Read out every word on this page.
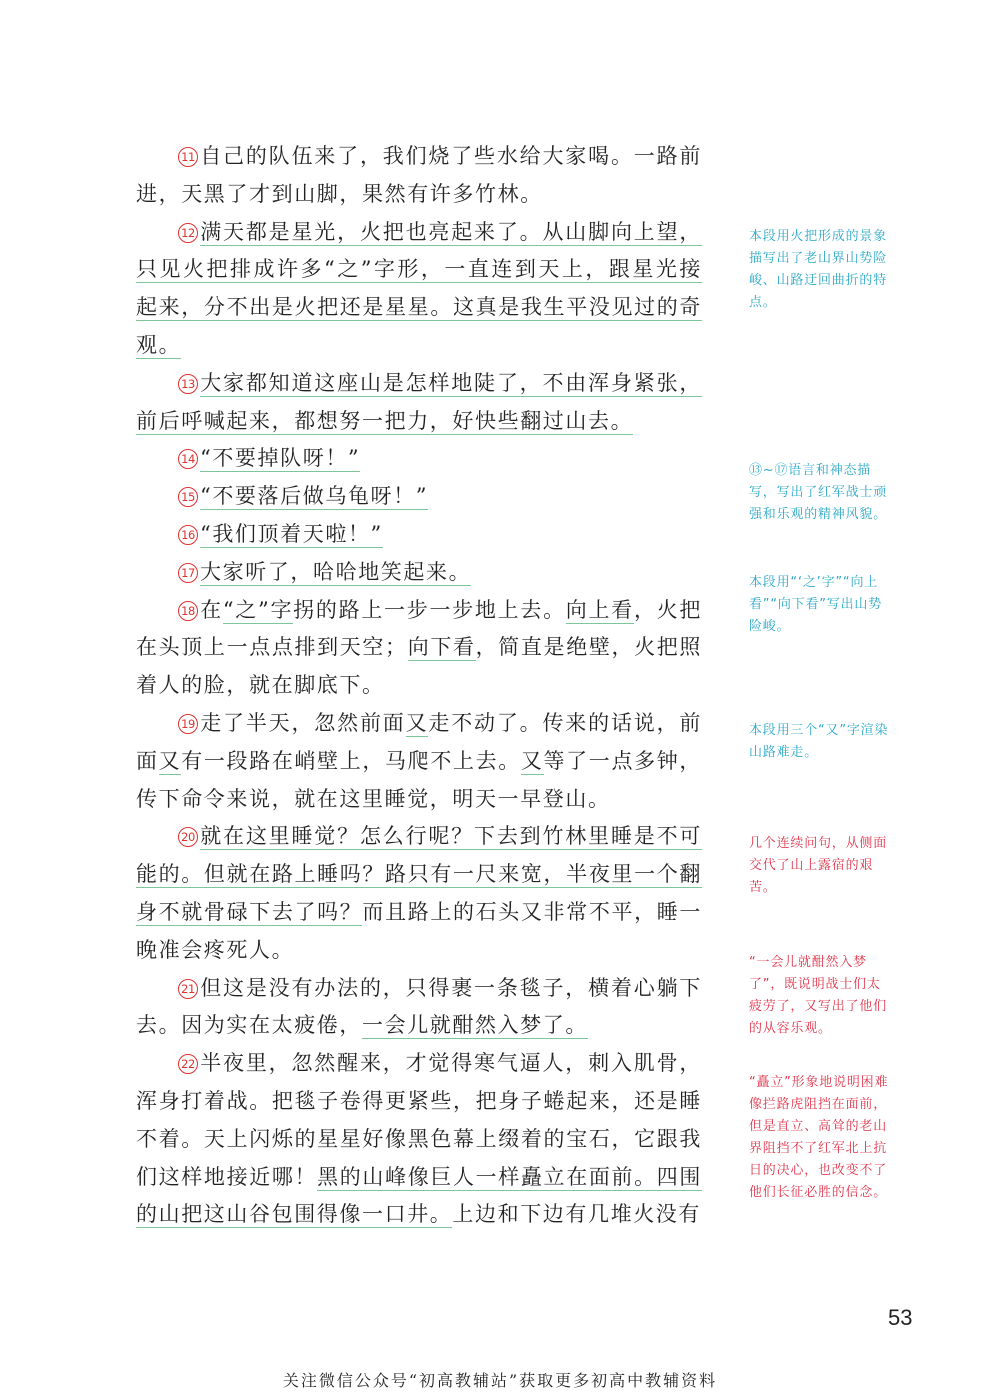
11 自己的队伍来了，我们烧了些水给大家喝。一路前进，天黑了才到山脚，果然有许多竹林。

12 满天都是星光，火把也亮起来了。从山脚向上望，只见火把排成许多“之”字形，一直连到天上，跟星光接起来，分不出是火把还是星星。这真是我生平没见过的奇观。

13 大家都知道这座山是怎样地陡了，不由浑身紧张，前后呼喊起来，都想努一把力，好快些翻过山去。

14 “不要掉队呀！”

15 “不要落后做乌龟呀！”

16 “我们顶着天啦！”

17 大家听了，哈哈地笑起来。

18 在“之”字拐的路上一步一步地上去。向上看，火把在头顶上一点点排到天空；向下看，简直是绝壁，火把照着人的脸，就在脚底下。

19 走了半天，忽然前面又走不动了。传来的话说，前面又有一段路在峭壁上，马爬不上去。又等了一点多钟，传下命令来说，就在这里睡觉，明天一早登山。

20 就在这里睡觉？怎么行呢？下去到竹林里睡是不可能的。但就在路上睡吗？路只有一尺来宽，半夜里一个翻身不就骨碌下去了吗？而且路上的石头又非常不平，睡一晚准会疼死人。

21 但这是没有办法的，只得裹一条毯子，横着心躺下去。因为实在太疲倦，一会儿就酣然入梦了。

22 半夜里，忽然醒来，才觉得寒气逼人，刺入肌骨，浑身打着战。把毯子卷得更紧些，把身子蜷起来，还是睡不着。天上闪烁的星星好像黑色幕上缀着的宝石，它跟我们这样地接近哪！黑的山峰像巨人一样矗立在面前。四围的山把这山谷包围得像一口井。上边和下边有几堆火没有

本段用火把形成的景象描写出了老山界山势险峻、山路迂回曲折的特点。
⑬~⑰语言和神态描写，写出了红军战士顽强和乐观的精神风貌。
本段用“‘之’字”“向上看”“向下看”写出山势险峻。
本段用三个“又”字渲染山路难走。
几个连续问句，从侧面交代了山上露宿的艰苦。
“一会儿就酣然入梦了”，既说明战士们太疲劳了，又写出了他们的从容乐观。
“矗立”形象地说明困难像拦路虎阻挡在面前，但是直立、高耸的老山界阻挡不了红军北上抗日的决心，也改变不了他们长征必胜的信念。
53
关注微信公众号“初高教辅站”获取更多初高中教辅资料
